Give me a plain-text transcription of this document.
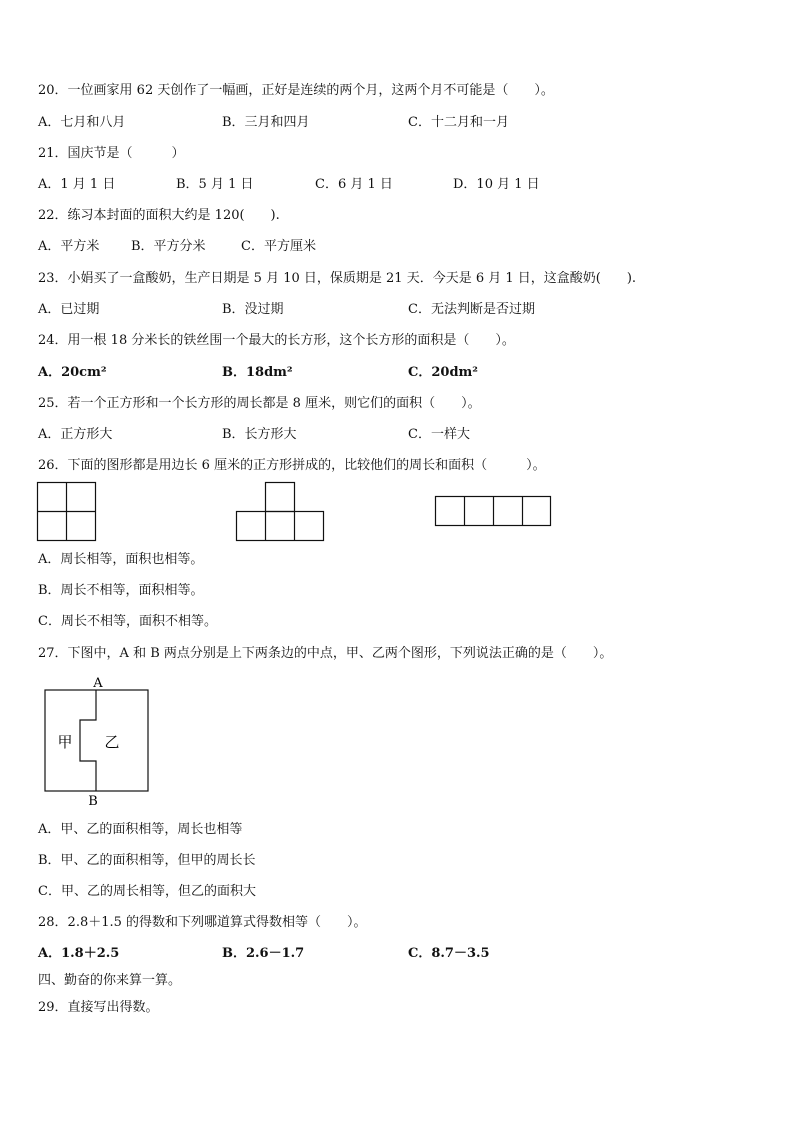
20．一位画家用 62 天创作了一幅画，正好是连续的两个月，这两个月不可能是（　　）。
A．七月和八月	B．三月和四月	C．十二月和一月
21．国庆节是（　　　）
A．1 月 1 日	B．5 月 1 日	C．6 月 1 日	D．10 月 1 日
22．练习本封面的面积大约是 120(　　).
A．平方米 B．平方分米	C．平方厘米
23．小娟买了一盒酸奶，生产日期是 5 月 10 日，保质期是 21 天．今天是 6 月 1 日，这盒酸奶(　　).
A．已过期	B．没过期	C．无法判断是否过期
24．用一根 18 分米长的铁丝围一个最大的长方形，这个长方形的面积是（　　）。
A．20cm²	B．18dm²	C．20dm²
25．若一个正方形和一个长方形的周长都是 8 厘米，则它们的面积（　　）。
A．正方形大	B．长方形大	C．一样大
26．下面的图形都是用边长 6 厘米的正方形拼成的，比较他们的周长和面积（　　　）。
A．周长相等，面积也相等。
B．周长不相等，面积相等。
C．周长不相等，面积不相等。
27．下图中，A 和 B 两点分别是上下两条边的中点，甲、乙两个图形，下列说法正确的是（　　）。
A
B
甲 乙
A．甲、乙的面积相等，周长也相等
B．甲、乙的面积相等，但甲的周长长
C．甲、乙的周长相等，但乙的面积大
28．2.8＋1.5 的得数和下列哪道算式得数相等（　　）。
A．1.8＋2.5	B．2.6－1.7	C．8.7－3.5
四、勤奋的你来算一算。
29．直接写出得数。
